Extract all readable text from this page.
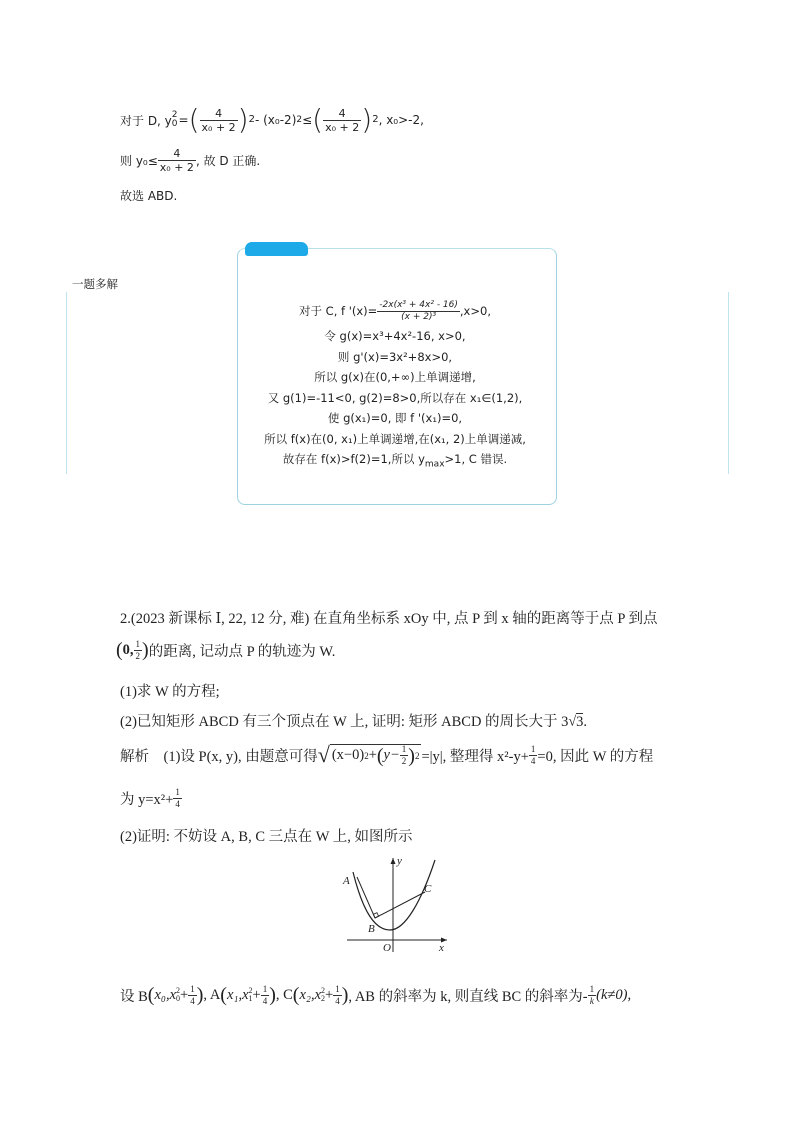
对于 D, y 2
0 = ( $\frac{4}{\text{x₀ + 2}}$ ) 2 - (x₀-2) 2 ≤ ( $\frac{4}{\text{x₀ + 2}}$ ) 2 , x₀>-2,
则 $y_0\le \frac{4}{\text{x₀ + 2}}$ , 故 D 正确.
故选 ABD.
一题多解
对于 C, f '$(x)= \frac{\text{-2x(x³ + 4x² - 16)}}{\text{(x + 2)³}} ,x>0$,
令 g(x)=x³+4x²-16, x>0,
则 g'(x)=3x²+8x>0,
所以 g(x)在(0,+∞)上单调递增,
又 g(1)=-11<0, g(2)=8>0,所以存在 x₁∈(1,2),
使 g(x₁)=0, 即 f '(x₁)=0,
所以 f(x)在(0, x₁)上单调递增,在(x₁, 2)上单调递减,
故存在 f(x)>f(2)=1,所以 $y_{max}>1$, C 错误.
2.(2023 新课标 Ⅰ, 22, 12 分, 难) 在直角坐标系 xOy 中, 点 P 到 x 轴的距离等于点 P 到点
( 0, $\frac{1}{2}$ ) 的距离, 记动点 P 的轨迹为 W.
(1)求 W 的方程;
(2)已知矩形 ABCD 有三个顶点在 W 上, 证明: 矩形 ABCD 的周长大于 3√3.
解析　(1)设 P(x, y), 由题意可得 √ (x−0) 2 + ( $y- \frac{1}{2}$ ) 2 =|y|, 整理得 $x^2-y+ \frac{1}{4} =0$, 因此 W 的方程
为 $y=x^2+ \frac{1}{4}$
(2)证明: 不妨设 A, B, C 三点在 W 上, 如图所示
A
B
C
O	x
y
设 B ( x₀,x 2
$0 + \frac{1}{4}$ ) , A ( x₁,x 2
$1 + \frac{1}{4}$ ) , C ( x₂,x 2
$2 + \frac{1}{4}$ ) , AB 的斜率为 k, 则直线 BC 的斜率为- $\frac{1}{k} (k\ne 0)$,
